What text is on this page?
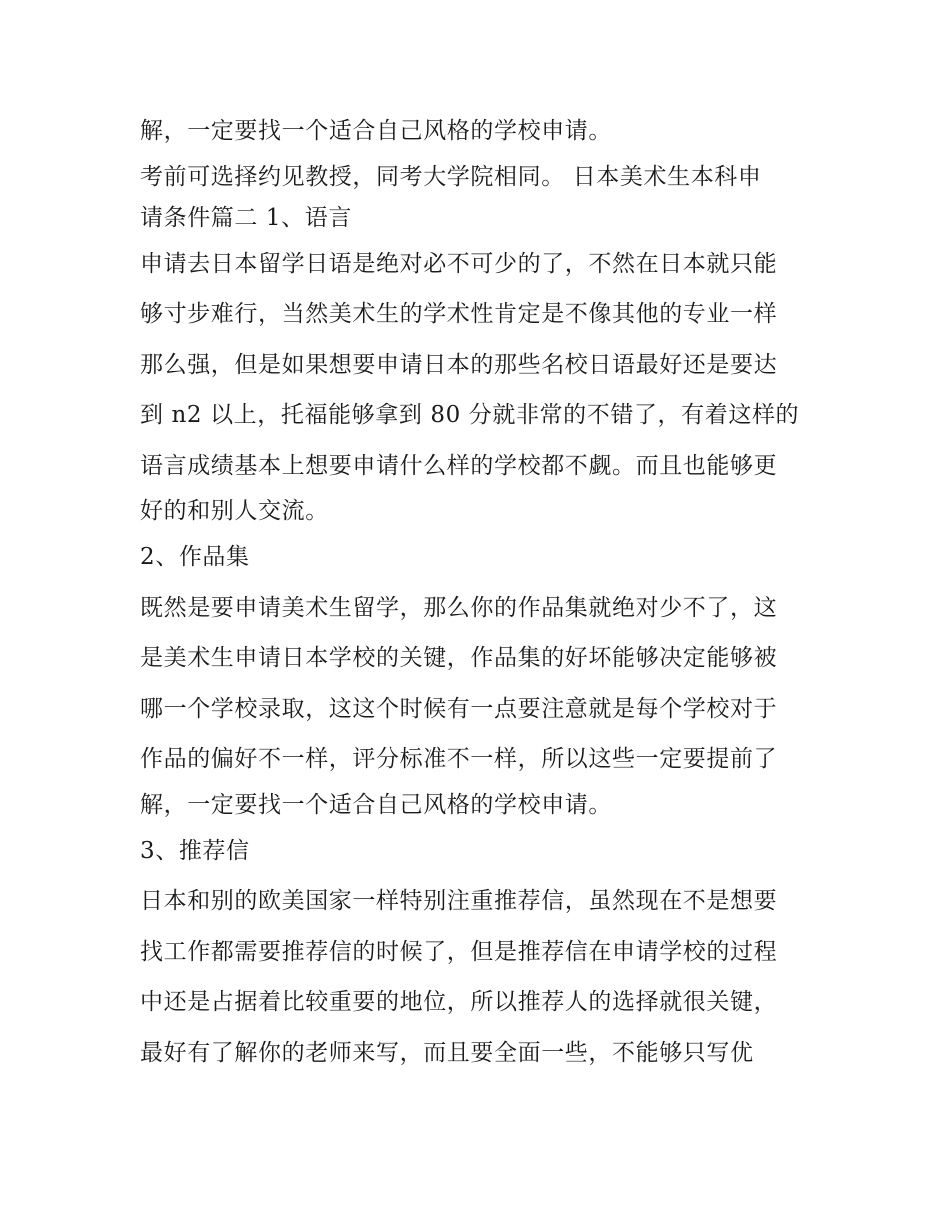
解，一定要找一个适合自己风格的学校申请。
考前可选择约见教授，同考大学院相同。 日本美术生本科申
请条件篇二 1、语言
申请去日本留学日语是绝对必不可少的了，不然在日本就只能
够寸步难行，当然美术生的学术性肯定是不像其他的专业一样
那么强，但是如果想要申请日本的那些名校日语最好还是要达
到 n2 以上，托福能够拿到 80 分就非常的不错了，有着这样的
语言成绩基本上想要申请什么样的学校都不觑。而且也能够更
好的和别人交流。
2、作品集
既然是要申请美术生留学，那么你的作品集就绝对少不了，这
是美术生申请日本学校的关键，作品集的好坏能够决定能够被
哪一个学校录取，这这个时候有一点要注意就是每个学校对于
作品的偏好不一样，评分标准不一样，所以这些一定要提前了
解，一定要找一个适合自己风格的学校申请。
3、推荐信
日本和别的欧美国家一样特别注重推荐信，虽然现在不是想要
找工作都需要推荐信的时候了，但是推荐信在申请学校的过程
中还是占据着比较重要的地位，所以推荐人的选择就很关键，
最好有了解你的老师来写，而且要全面一些，不能够只写优
